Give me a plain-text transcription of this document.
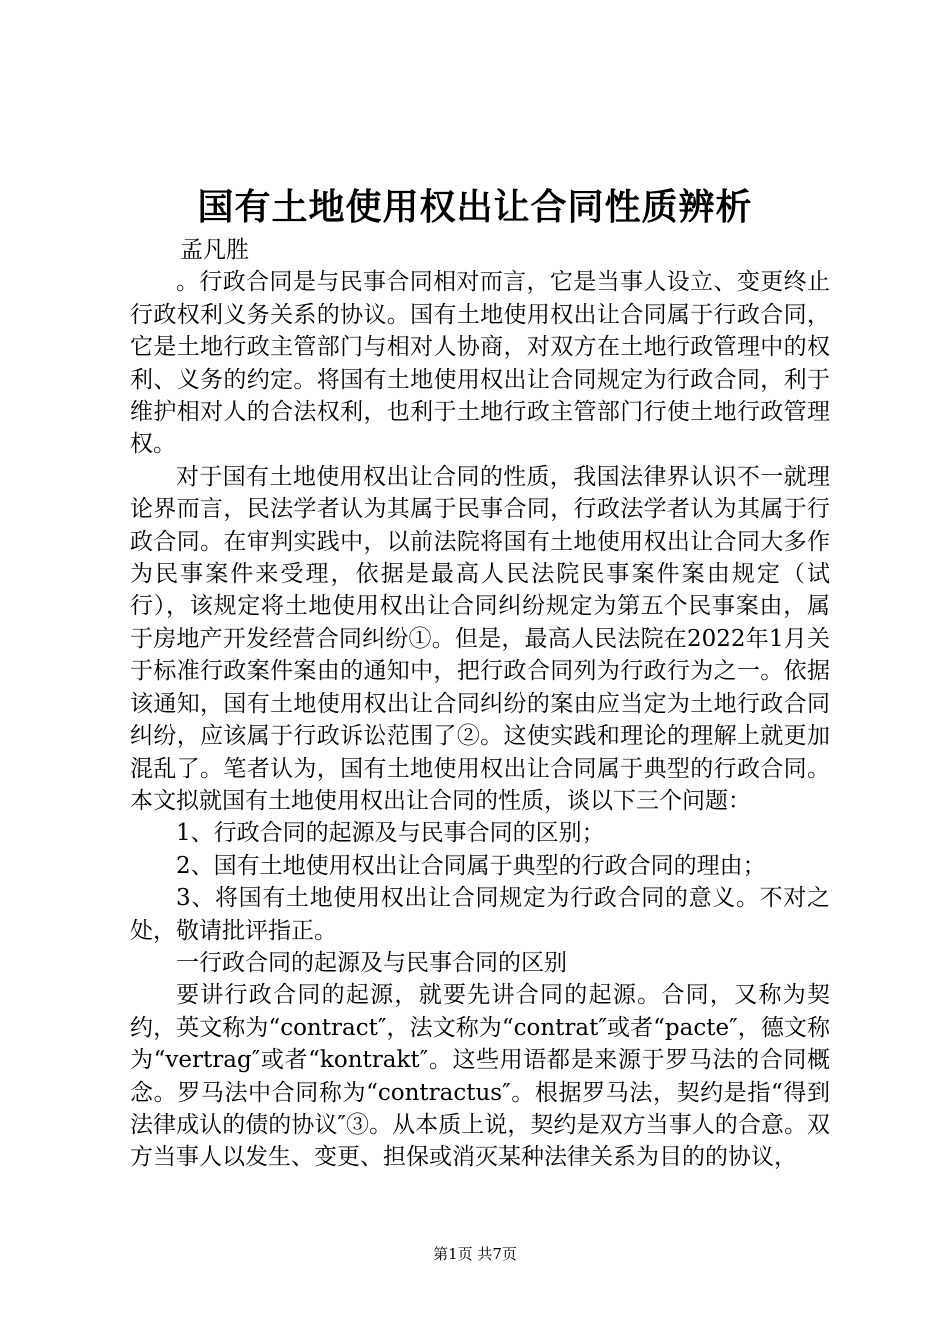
国有土地使用权出让合同性质辨析

孟凡胜

。行政合同是与民事合同相对而言，它是当事人设立、变更终止行政权利义务关系的协议。国有土地使用权出让合同属于行政合同，它是土地行政主管部门与相对人协商，对双方在土地行政管理中的权利、义务的约定。将国有土地使用权出让合同规定为行政合同，利于维护相对人的合法权利，也利于土地行政主管部门行使土地行政管理权。

对于国有土地使用权出让合同的性质，我国法律界认识不一就理论界而言，民法学者认为其属于民事合同，行政法学者认为其属于行政合同。在审判实践中，以前法院将国有土地使用权出让合同大多作为民事案件来受理，依据是最高人民法院民事案件案由规定（试行），该规定将土地使用权出让合同纠纷规定为第五个民事案由，属于房地产开发经营合同纠纷①。但是，最高人民法院在2022年1月关于标准行政案件案由的通知中，把行政合同列为行政行为之一。依据该通知，国有土地使用权出让合同纠纷的案由应当定为土地行政合同纠纷，应该属于行政诉讼范围了②。这使实践和理论的理解上就更加混乱了。笔者认为，国有土地使用权出让合同属于典型的行政合同。本文拟就国有土地使用权出让合同的性质，谈以下三个问题：

1、行政合同的起源及与民事合同的区别；

2、国有土地使用权出让合同属于典型的行政合同的理由；

3、将国有土地使用权出让合同规定为行政合同的意义。不对之处，敬请批评指正。

一行政合同的起源及与民事合同的区别

要讲行政合同的起源，就要先讲合同的起源。合同，又称为契约，英文称为“contract″，法文称为“contrat″或者“pacte″，德文称为“vertrag″或者“kontrakt″。这些用语都是来源于罗马法的合同概念。罗马法中合同称为“contractus″。根据罗马法，契约是指“得到法律成认的债的协议″③。从本质上说，契约是双方当事人的合意。双方当事人以发生、变更、担保或消灭某种法律关系为目的的协议，

第1页 共7页
